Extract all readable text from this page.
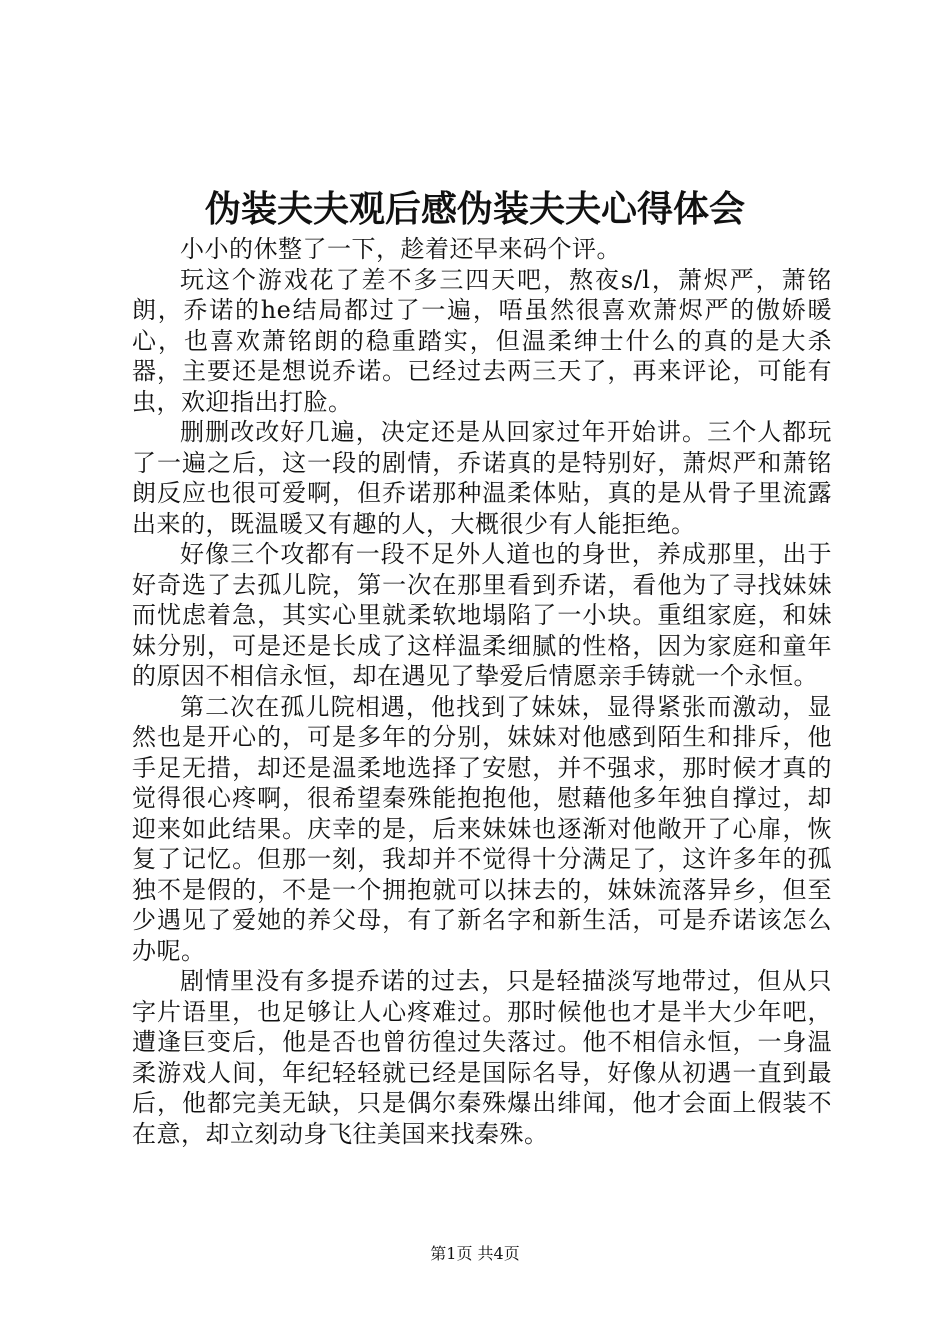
伪装夫夫观后感伪装夫夫心得体会

小小的休整了一下，趁着还早来码个评。

玩这个游戏花了差不多三四天吧，熬夜s/l，萧烬严，萧铭朗，乔诺的he结局都过了一遍，唔虽然很喜欢萧烬严的傲娇暖心，也喜欢萧铭朗的稳重踏实，但温柔绅士什么的真的是大杀器，主要还是想说乔诺。已经过去两三天了，再来评论，可能有虫，欢迎指出打脸。

删删改改好几遍，决定还是从回家过年开始讲。三个人都玩了一遍之后，这一段的剧情，乔诺真的是特别好，萧烬严和萧铭朗反应也很可爱啊，但乔诺那种温柔体贴，真的是从骨子里流露出来的，既温暖又有趣的人，大概很少有人能拒绝。

好像三个攻都有一段不足外人道也的身世，养成那里，出于好奇选了去孤儿院，第一次在那里看到乔诺，看他为了寻找妹妹而忧虑着急，其实心里就柔软地塌陷了一小块。重组家庭，和妹妹分别，可是还是长成了这样温柔细腻的性格，因为家庭和童年的原因不相信永恒，却在遇见了挚爱后情愿亲手铸就一个永恒。

第二次在孤儿院相遇，他找到了妹妹，显得紧张而激动，显然也是开心的，可是多年的分别，妹妹对他感到陌生和排斥，他手足无措，却还是温柔地选择了安慰，并不强求，那时候才真的觉得很心疼啊，很希望秦殊能抱抱他，慰藉他多年独自撑过，却迎来如此结果。庆幸的是，后来妹妹也逐渐对他敞开了心扉，恢复了记忆。但那一刻，我却并不觉得十分满足了，这许多年的孤独不是假的，不是一个拥抱就可以抹去的，妹妹流落异乡，但至少遇见了爱她的养父母，有了新名字和新生活，可是乔诺该怎么办呢。

剧情里没有多提乔诺的过去，只是轻描淡写地带过，但从只字片语里，也足够让人心疼难过。那时候他也才是半大少年吧，遭逢巨变后，他是否也曾彷徨过失落过。他不相信永恒，一身温柔游戏人间，年纪轻轻就已经是国际名导，好像从初遇一直到最后，他都完美无缺，只是偶尔秦殊爆出绯闻，他才会面上假装不在意，却立刻动身飞往美国来找秦殊。

第1页 共4页
